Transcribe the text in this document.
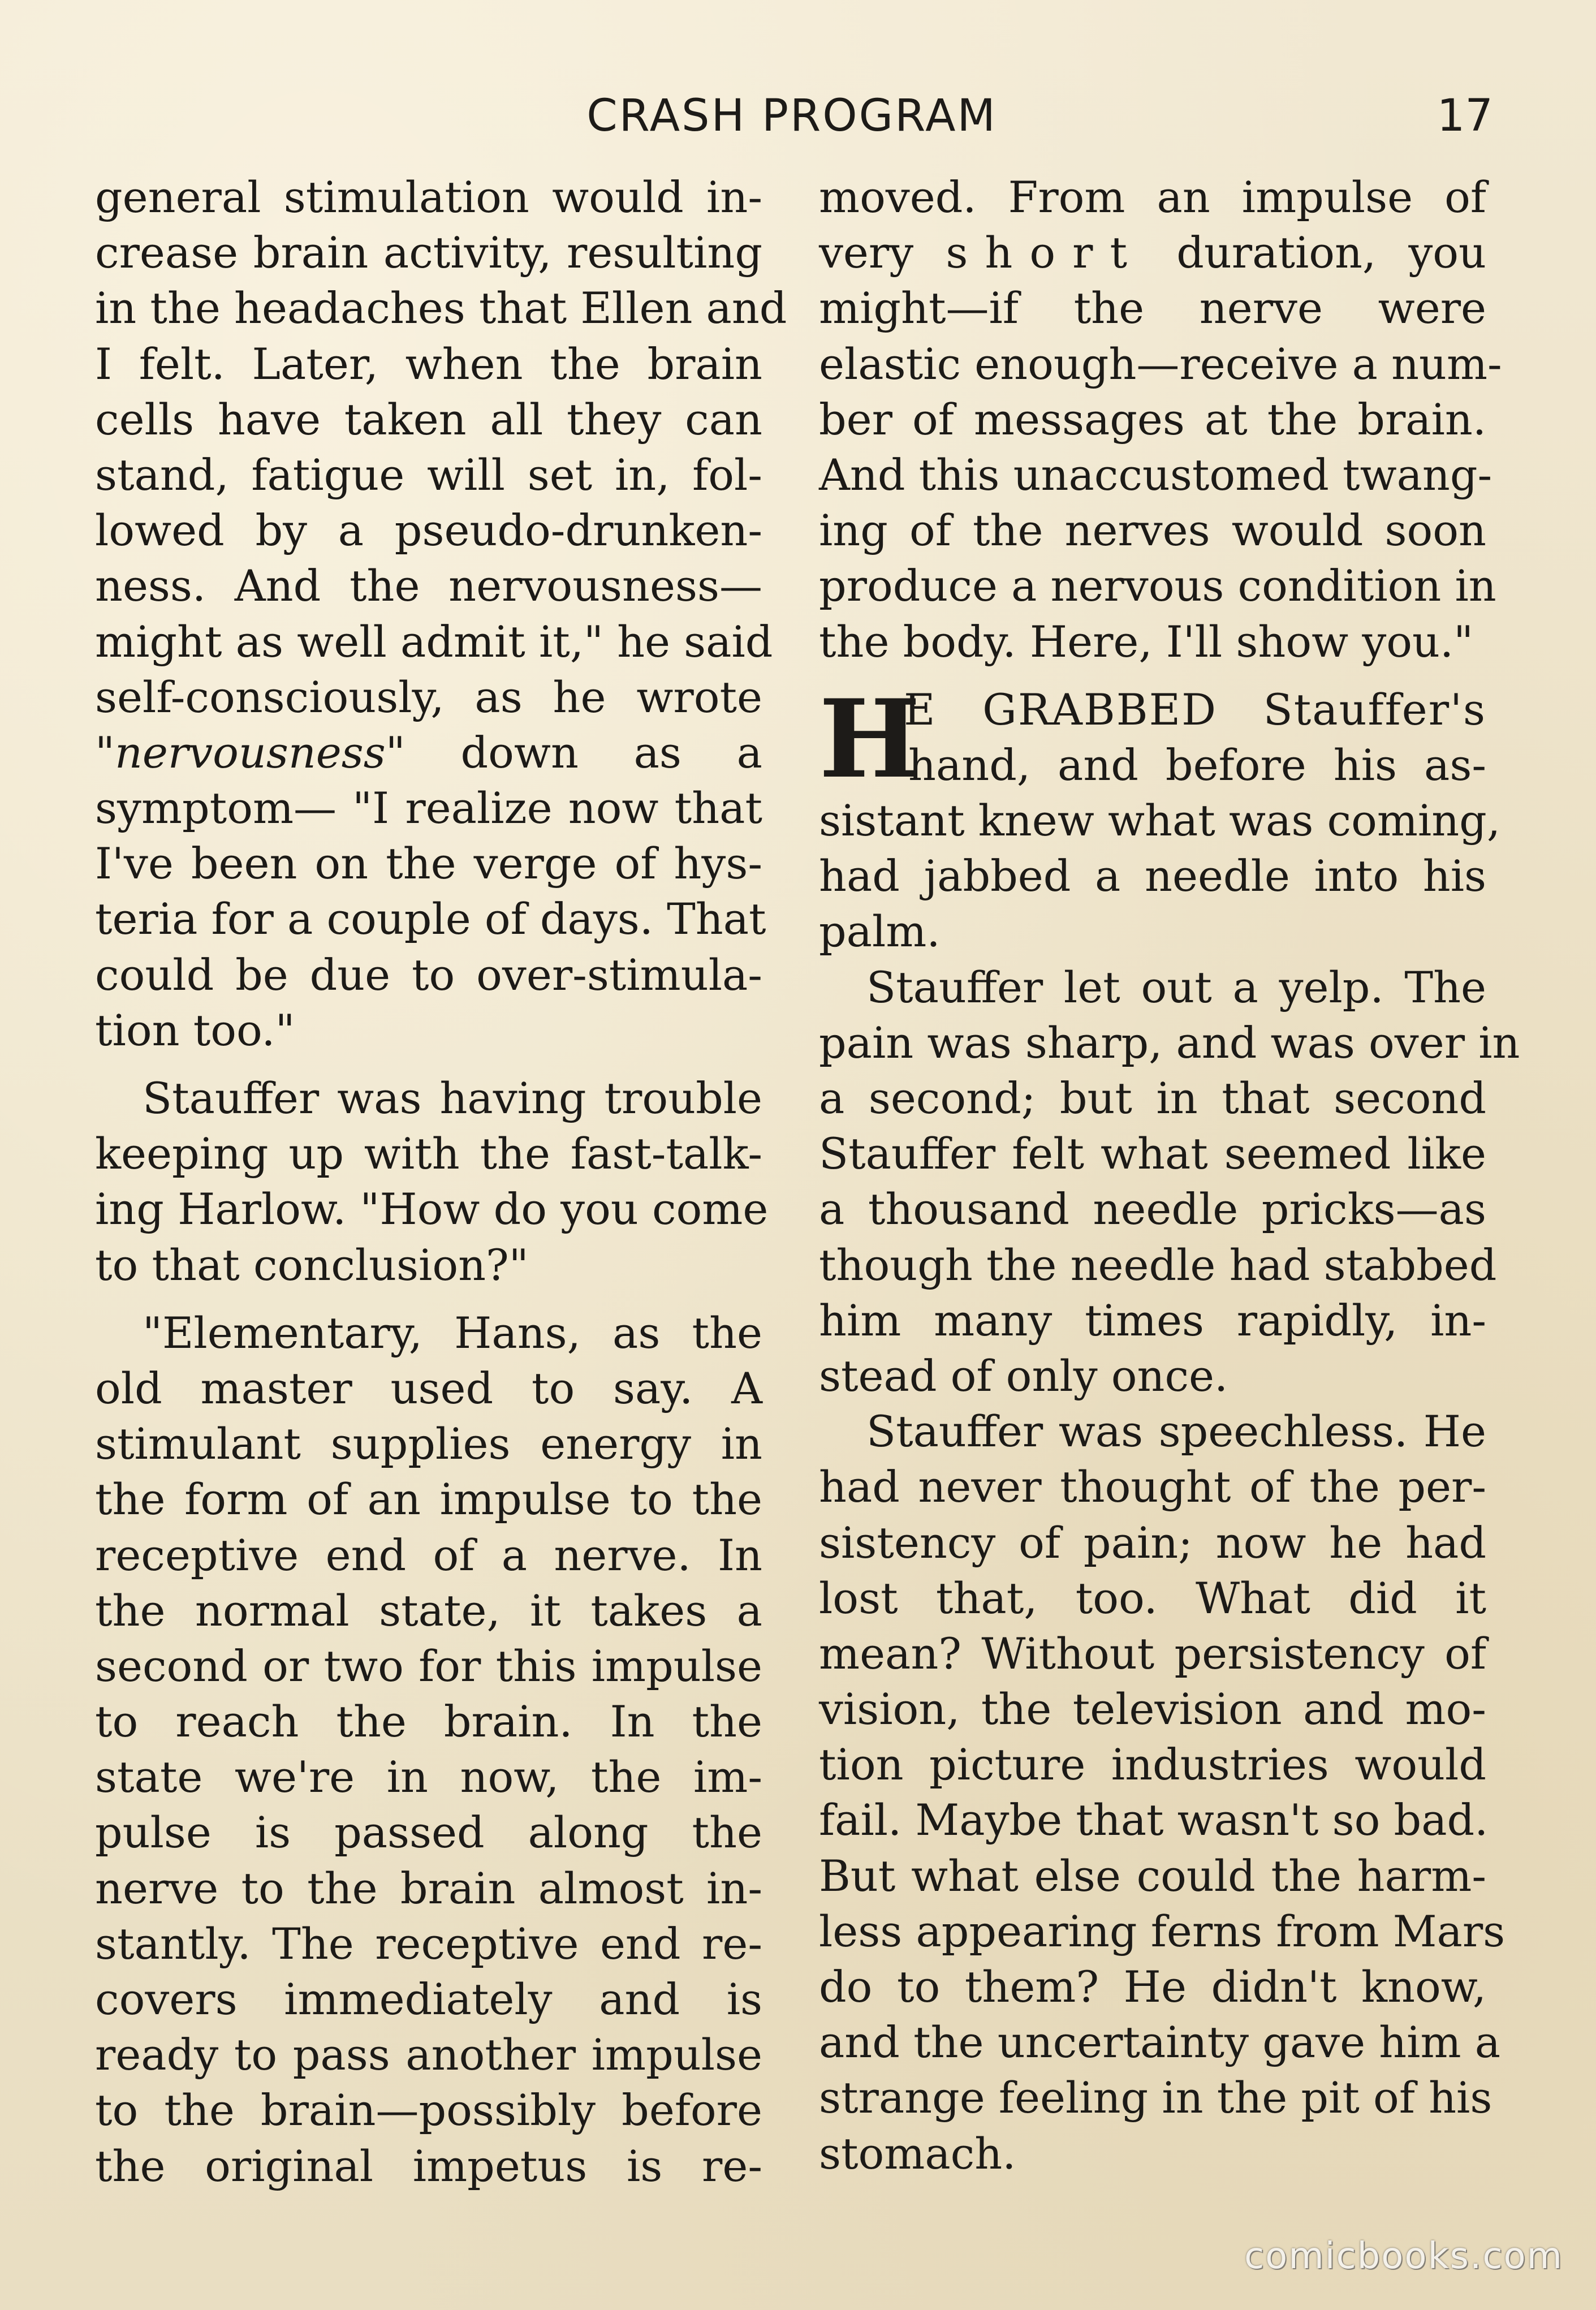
CRASH PROGRAM	17
general stimulation would in-
crease brain activity, resulting
in the headaches that Ellen and
I felt. Later, when the brain
cells have taken all they can
stand, fatigue will set in, fol-
lowed by a pseudo-drunken-
ness. And the nervousness—
might as well admit it," he said
self-consciously, as he wrote
"nervousness" down as a
symptom— "I realize now that
I've been on the verge of hys-
teria for a couple of days. That
could be due to over-stimula-
tion too."
Stauffer was having trouble
keeping up with the fast-talk-
ing Harlow. "How do you come
to that conclusion?"
"Elementary, Hans, as the
old master used to say. A
stimulant supplies energy in
the form of an impulse to the
receptive end of a nerve. In
the normal state, it takes a
second or two for this impulse
to reach the brain. In the
state we're in now, the im-
pulse is passed along the
nerve to the brain almost in-
stantly. The receptive end re-
covers immediately and is
ready to pass another impulse
to the brain—possibly before
the original impetus is re-
moved. From an impulse of
very short duration, you
might—if the nerve were
elastic enough—receive a num-
ber of messages at the brain.
And this unaccustomed twang-
ing of the nerves would soon
produce a nervous condition in
the body. Here, I'll show you."
H
E GRABBED Stauffer's
hand, and before his as-
sistant knew what was coming,
had jabbed a needle into his
palm.
Stauffer let out a yelp. The
pain was sharp, and was over in
a second; but in that second
Stauffer felt what seemed like
a thousand needle pricks—as
though the needle had stabbed
him many times rapidly, in-
stead of only once.
Stauffer was speechless. He
had never thought of the per-
sistency of pain; now he had
lost that, too. What did it
mean? Without persistency of
vision, the television and mo-
tion picture industries would
fail. Maybe that wasn't so bad.
But what else could the harm-
less appearing ferns from Mars
do to them? He didn't know,
and the uncertainty gave him a
strange feeling in the pit of his
stomach.
comicbooks.com
